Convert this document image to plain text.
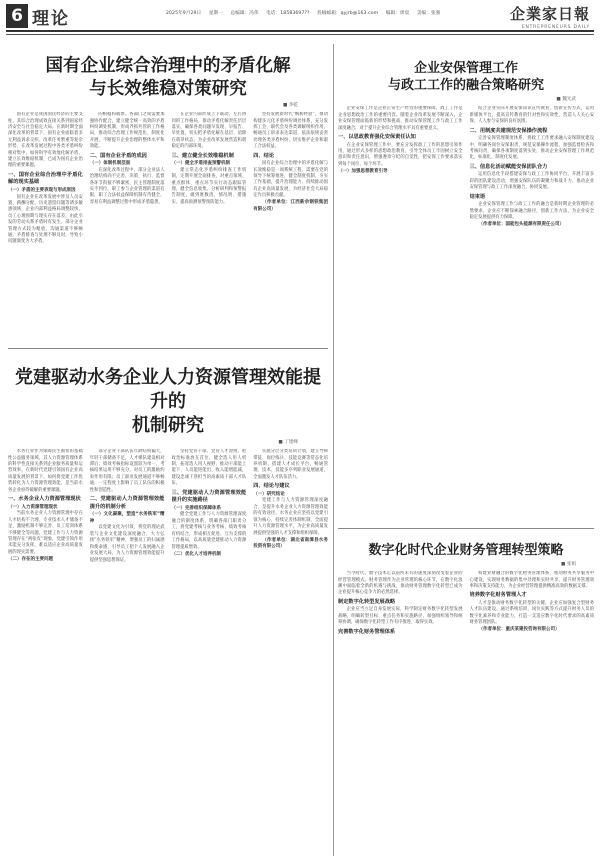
6 理论	2025年9月29日 星期一 总编辑：冯伟 电话：18583697?? 投稿邮箱：qyjrb@163.com 编辑：周宸 美编：张强	企業家日報
ENTREPRENEURS DAILY
国有企业综合治理中的矛盾化解
与长效维稳对策研究
■ 李乾

国有企业是我国国民经济的主要支柱，其综合治理成效直接关系到国家经济安全与社会稳定大局。在新时期全面深化改革的背景下，国有企业面临着多元利益诉求交织、改革任务繁重等复杂形势，在改革发展过程中各类矛盾纠纷相对集中，如何科学有效地化解矛盾，建立长效维稳机制，已成为国有企业治理的重要课题。

一、国有企业综合治理中矛盾化解的现实基础
（一）矛盾的主要表现与形成原因

国有企业在改革发展中涉及人员安置、薪酬分配、历史遗留问题等诸多敏感领域，企业内部利益格局调整较快，员工心理预期与现实存在落差，由此引发的劳动关系矛盾时有发生。部分企业管理方式较为粗放，沟通渠道不够畅通，矛盾排查与处理不够及时，导致小问题演变为大矛盾。

的根据和载体。各部门之间需要加强协作配合，建立健全统一高效的矛盾纠纷调处机制，形成齐抓共管的工作格局，推动综合治理工作规范化、制度化开展，不断提升企业治理的整体水平和效能。

二、国有企业矛盾的成因
（一）体制机制层面

在深化改革过程中，部分企业法人治理结构尚不完善，决策、执行、监督各环节衔接不够紧密，民主管理制度落实不到位，职工参与企业管理的渠道有限，职工合法权益保障机制有待健全，容易在利益调整过程中形成矛盾隐患。

在企业内部形成上下联动、左右协同的工作格局，推动矛盾化解责任层层落实，确保各类问题早发现、早报告、早处置，切实把矛盾化解在基层、消除在萌芽状态，为企业改革发展营造和谐稳定的内部环境。

三、建立健全长效维稳机制
（一）健全矛盾排查预警机制

建立常态化矛盾纠纷排查工作机制，定期开展全面排查，对重点领域、重点群体、重点环节实行动态跟踪管理，健全信息收集、分析研判和预警报告制度，做到底数清、情况明、措施实，提高预测预警预防能力。

坚持发展新时代“枫桥经验”，推动构建多元化矛盾纠纷调处体系，充分发挥工会、职代会及各类调解组织作用，畅通员工诉求表达渠道，依法依规妥善处理各类矛盾纠纷，切实维护企业和职工合法权益。

四、结论

国有企业综合治理中的矛盾化解与长效维稳是一项系统工程，需要在党的领导下统筹推进，健全制度机制，夯实工作基础，提升治理能力，持续推动国有企业高质量发展，为经济社会大局稳定作出积极贡献。

（作者单位：江西新余钢铁集团有限公司）

党建驱动水务企业人力资源管理效能提升的
机制研究
■ 丁建峰

水务行业作为保障民生福祉的基础性公益服务领域，其人力资源管理体系的科学性直接关系到企业服务质量和运营效率。在新时代党建引领国有企业高质量发展的背景下，如何将党建工作优势转化为人力资源管理效能，是当前水务企业亟待破解的重要课题。

一、水务企业人力资源管理现状
（一）人力资源管理现状

当前水务企业人力资源管理中存在人才结构不合理、专业技术人才储备不足、激励机制不够完善、员工培训体系不够健全等问题，党建工作与人力资源管理存在“两张皮”现象，党建引领作用未能充分发挥，难以适应企业高质量发展的现实需要。

（二）存在的主要问题

部分企业干部队伍年龄结构偏大，年轻干部储备不足，人才梯队建设相对滞后；绩效考核指标设置较为单一，考核结果运用不够充分，对员工的激励约束作用有限；员工职业发展通道不够畅通，一定程度上影响了员工队伍的积极性和创造性。

二、党建驱动人力资源管理效能提升的机制分析
（一）文化凝聚，塑造“水务铁军”精神

以党建文化为引领，将党的理论武装与企业文化建设深度融合，大力弘扬“水务铁军”精神，增强员工的归属感和使命感，引导员工把个人发展融入企业发展大局，为人力资源管理效能提升提供坚强思想保证。

坚持党管干部、党管人才原则，把政治标准放在首位，健全选人用人机制，拓宽选人用人视野，推动干部能上能下、人员能进能出、收入能增能减，建设忠诚干净担当的高素质干部人才队伍。

三、党建驱动人力资源管理效能提升的实施路径
（一）完善组织保障体系

健全党建工作与人力资源管理深度融合的制度体系，明确各部门职责分工，将党建考核与业务考核、绩效考核有机结合，形成相互促进、互为支撑的工作格局，以高质量党建推动人力资源管理提质增效。

（二）优化人才培养机制

实施分层分类培训计划，建立导师带徒、岗位练兵、技能竞赛等常态化培养机制，搭建人才成长平台，畅通管理、技术、技能多序列职业发展通道，全面激发人才队伍活力。

四、结论与建议
（一）研究结论

党建工作与人力资源管理深度融合，是提升水务企业人力资源管理效能的有效途径。水务企业应坚持以党建引领为核心，持续完善体制机制，全面提升人力资源管理水平，为企业高质量发展提供坚强的人才支撑和组织保障。

（作者单位：湖北省南漳县水务投资有限公司）

企业安保管理工作
与政工工作的融合策略研究
■ 魏光武

企业安保工作是企业正常生产经营的重要保障，政工工作是企业思想政治工作的重要内容。随着企业改革发展不断深入，企业安保管理面临新的形势和挑战，推动安保管理工作与政工工作深度融合，对于提升企业综合管理水平具有重要意义。

一、以思政教育强化安保责任认知

在企业安保管理工作中，要充分发挥政工工作的思想引领作用，通过形式多样的思想政治教育，引导全体员工牢固树立安全意识和责任意识，增强遵章守纪的自觉性，把安保工作要求落实到每个岗位、每个环节。

（一）加强思想教育引导

结合企业实际开展安保知识宣传教育，创新宣传方式，运用新媒体平台，提高宣传教育的针对性和实效性，营造人人关心安保、人人参与安保的良好氛围。

二、用制度共建规范安保操作流程

完善安保管理制度体系，将政工工作要求融入安保制度建设中，明确各岗位安保职责，规范安保操作流程，加强监督检查和考核问责，确保各项制度落到实处，推动企业安保管理工作规范化、标准化、制度化发展。

三、信息化活动赋能安保团队合力

运用信息化手段搭建安保与政工工作协同平台，开展丰富多彩的团队建设活动，增强安保队伍的凝聚力和战斗力，推动企业安保管理与政工工作深度融合、协同发展。

结束语

企业安保管理工作与政工工作的融合是新时期企业管理的必然要求，企业应不断探索融合路径，创新工作方法，为企业安全稳定发展提供有力保障。

（作者单位：国能包头能源有限责任公司）

数字化时代企业财务管理转型策略
■ 张娟

当今时代，数字技术正以前所未有的速度深刻改变着企业的经营管理模式。财务管理作为企业管理的核心环节，在数字化浪潮中面临着全新的机遇与挑战，推动财务管理数字化转型已成为企业提升核心竞争力的必然选择。

制定数字化转型发展战略

企业应当立足自身发展实际，科学制定财务数字化转型发展战略，明确转型目标、重点任务和实施路径，加强组织领导和统筹协调，确保数字化转型工作有序推进、取得实效。

完善数字化财务管理体系

构建业财融合的数字化财务管理体系，推动财务共享服务中心建设，实现财务数据的集中处理和实时共享，提升财务管理效率和决策支持能力，为企业经营管理提供精准高效的数据支撑。

培养数字化财务管理人才

人才是推动财务数字化转型的关键。企业应加强复合型财务人才队伍建设，通过系统培训、岗位实践等方式提升财务人员的数字化素养和专业能力，打造一支适应数字化时代要求的高素质财务管理团队。

（作者单位：重庆某建投咨询有限公司）
